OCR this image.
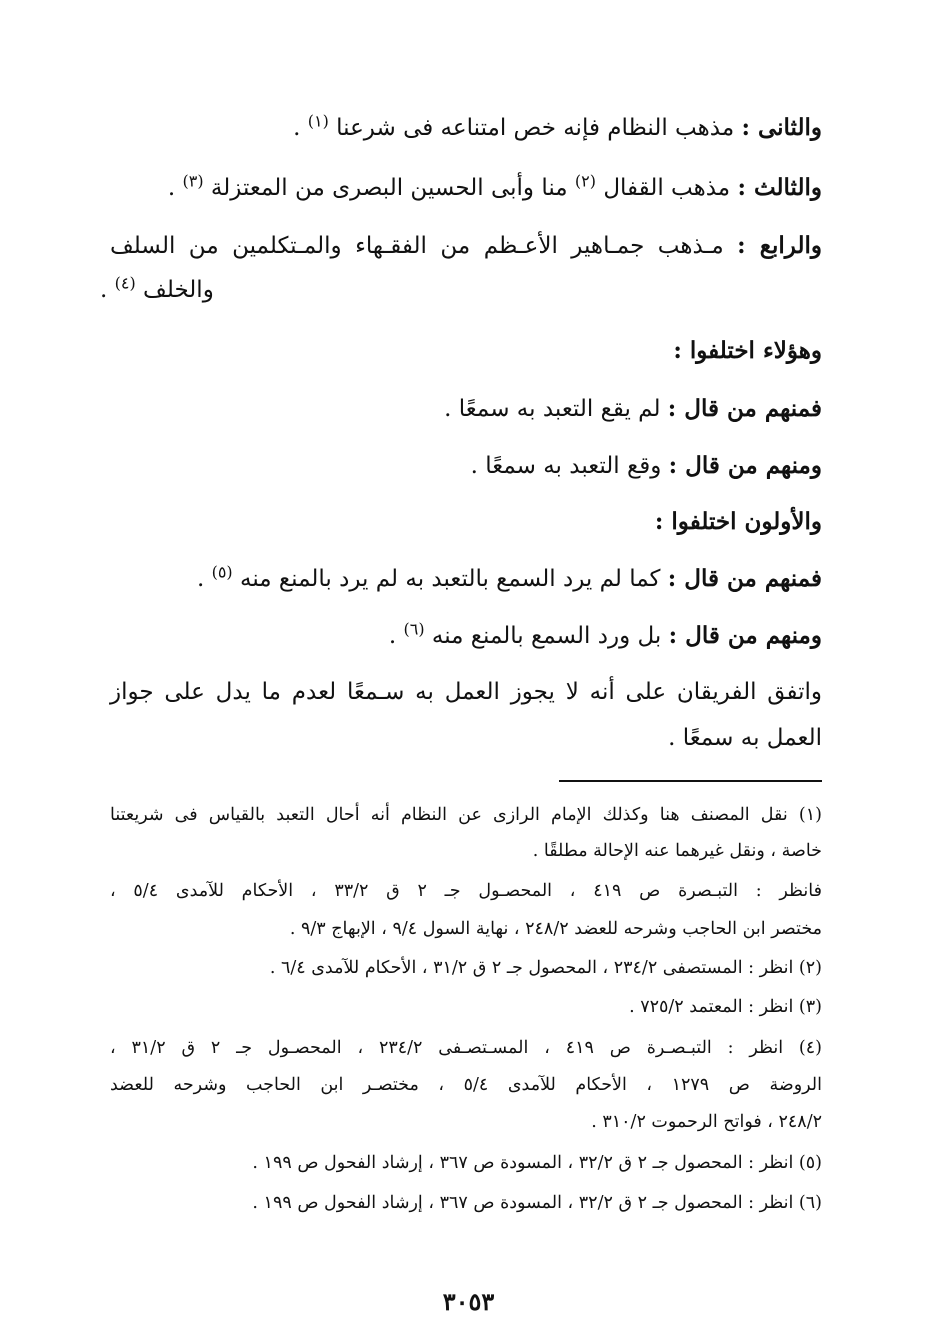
والثانى : مذهب النظام فإنه خص امتناعه فى شرعنا $^{(١)}$ .
والثالث : مذهب القفال $^{(٢)}$ منا وأبى الحسين البصرى من المعتزلة $^{(٣)}$ .
والرابع : مـذهب جمـاهير الأعـظم من الفقـهاء والمـتكلمين من السلف
والخلف $^{(٤)}$ .
وهؤلاء اختلفوا :
فمنهم من قال : لم يقع التعبد به سمعًا .
ومنهم من قال : وقع التعبد به سمعًا .
والأولون اختلفوا :
فمنهم من قال : كما لم يرد السمع بالتعبد به لم يرد بالمنع منه $^{(٥)}$ .
ومنهم من قال : بل ورد السمع بالمنع منه $^{(٦)}$ .
واتفق الفريقان على أنه لا يجوز العمل به سـمعًا لعدم ما يدل على جواز
العمل به سمعًا .
(١) نقل المصنف هنا وكذلك الإمام الرازى عن النظام أنه أحال التعبد بالقياس فى شريعتنا
خاصة ، ونقل غيرهما عنه الإحالة مطلقًا .
فانظر : التبـصرة ص ٤١٩ ، المحصـول جـ ٢ ق ٣٣/٢ ، الأحكام للآمدى ٥/٤ ،
مختصر ابن الحاجب وشرحه للعضد ٢٤٨/٢ ، نهاية السول ٩/٤ ، الإبهاج ٩/٣ .
(٢) انظر : المستصفى ٢٣٤/٢ ، المحصول جـ ٢ ق ٣١/٢ ، الأحكام للآمدى ٦/٤ .
(٣) انظر : المعتمد ٧٢٥/٢ .
(٤) انظر : التبـصـرة ص ٤١٩ ، المسـتصـفى ٢٣٤/٢ ، المحصـول جـ ٢ ق ٣١/٢ ،
الروضة ص ١٢٧٩ ، الأحكام للآمدى ٥/٤ ، مختصـر ابن الحاجب وشرحه للعضد
٢٤٨/٢ ، فواتح الرحموت ٣١٠/٢ .
(٥) انظر : المحصول جـ ٢ ق ٣٢/٢ ، المسودة ص ٣٦٧ ، إرشاد الفحول ص ١٩٩ .
(٦) انظر : المحصول جـ ٢ ق ٣٢/٢ ، المسودة ص ٣٦٧ ، إرشاد الفحول ص ١٩٩ .
٣٠٥٣
